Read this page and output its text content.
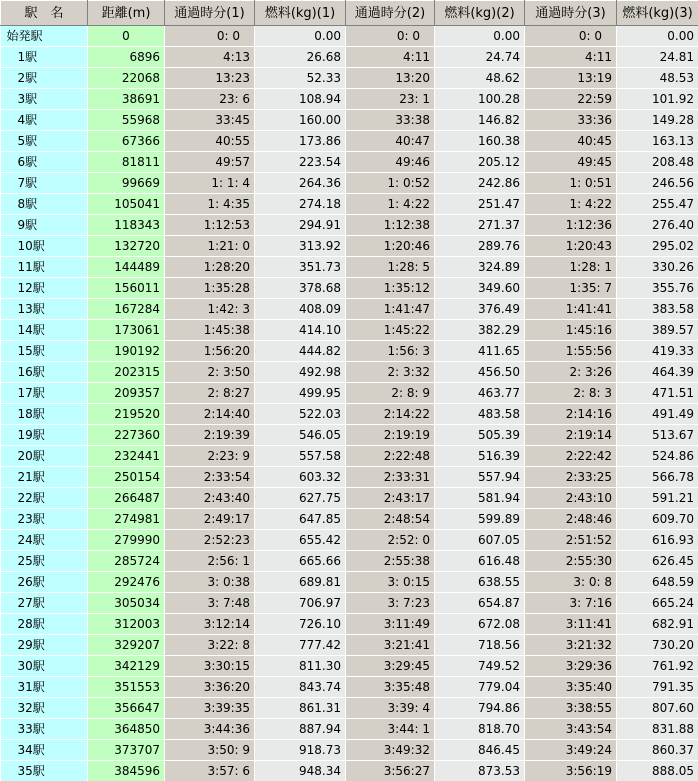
駅　名	距離(m)	通過時分(1)	燃料(kg)(1)	通過時分(2)	燃料(kg)(2)	通過時分(3)	燃料(kg)(3)
始発駅	0	0: 0	0.00	0: 0	0.00	0: 0	0.00
1駅	6896	4:13	26.68	4:11	24.74	4:11	24.81
2駅	22068	13:23	52.33	13:20	48.62	13:19	48.53
3駅	38691	23: 6	108.94	23: 1	100.28	22:59	101.92
4駅	55968	33:45	160.00	33:38	146.82	33:36	149.28
5駅	67366	40:55	173.86	40:47	160.38	40:45	163.13
6駅	81811	49:57	223.54	49:46	205.12	49:45	208.48
7駅	99669	1: 1: 4	264.36	1: 0:52	242.86	1: 0:51	246.56
8駅	105041	1: 4:35	274.18	1: 4:22	251.47	1: 4:22	255.47
9駅	118343	1:12:53	294.91	1:12:38	271.37	1:12:36	276.40
10駅	132720	1:21: 0	313.92	1:20:46	289.76	1:20:43	295.02
11駅	144489	1:28:20	351.73	1:28: 5	324.89	1:28: 1	330.26
12駅	156011	1:35:28	378.68	1:35:12	349.60	1:35: 7	355.76
13駅	167284	1:42: 3	408.09	1:41:47	376.49	1:41:41	383.58
14駅	173061	1:45:38	414.10	1:45:22	382.29	1:45:16	389.57
15駅	190192	1:56:20	444.82	1:56: 3	411.65	1:55:56	419.33
16駅	202315	2: 3:50	492.98	2: 3:32	456.50	2: 3:26	464.39
17駅	209357	2: 8:27	499.95	2: 8: 9	463.77	2: 8: 3	471.51
18駅	219520	2:14:40	522.03	2:14:22	483.58	2:14:16	491.49
19駅	227360	2:19:39	546.05	2:19:19	505.39	2:19:14	513.67
20駅	232441	2:23: 9	557.58	2:22:48	516.39	2:22:42	524.86
21駅	250154	2:33:54	603.32	2:33:31	557.94	2:33:25	566.78
22駅	266487	2:43:40	627.75	2:43:17	581.94	2:43:10	591.21
23駅	274981	2:49:17	647.85	2:48:54	599.89	2:48:46	609.70
24駅	279990	2:52:23	655.42	2:52: 0	607.05	2:51:52	616.93
25駅	285724	2:56: 1	665.66	2:55:38	616.48	2:55:30	626.45
26駅	292476	3: 0:38	689.81	3: 0:15	638.55	3: 0: 8	648.59
27駅	305034	3: 7:48	706.97	3: 7:23	654.87	3: 7:16	665.24
28駅	312003	3:12:14	726.10	3:11:49	672.08	3:11:41	682.91
29駅	329207	3:22: 8	777.42	3:21:41	718.56	3:21:32	730.20
30駅	342129	3:30:15	811.30	3:29:45	749.52	3:29:36	761.92
31駅	351553	3:36:20	843.74	3:35:48	779.04	3:35:40	791.35
32駅	356647	3:39:35	861.31	3:39: 4	794.86	3:38:55	807.60
33駅	364850	3:44:36	887.94	3:44: 1	818.70	3:43:54	831.88
34駅	373707	3:50: 9	918.73	3:49:32	846.45	3:49:24	860.37
35駅	384596	3:57: 6	948.34	3:56:27	873.53	3:56:19	888.05
